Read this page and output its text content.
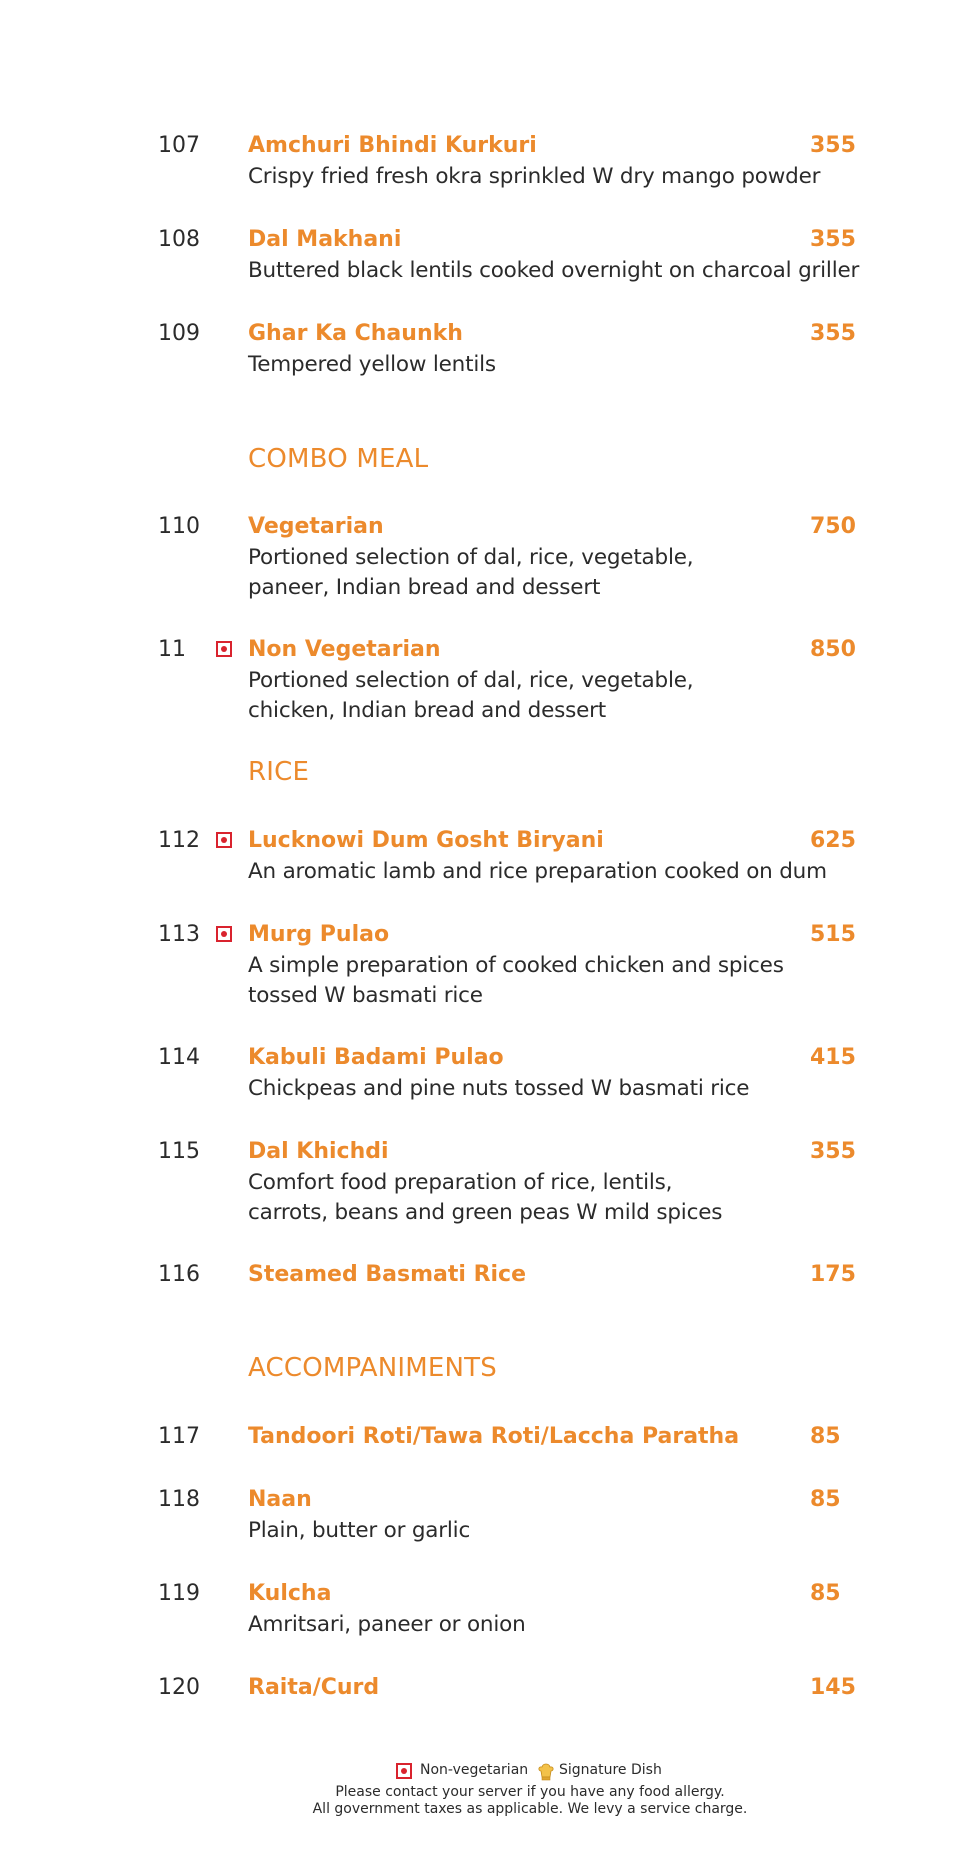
107 Amchuri Bhindi Kurkuri	355
Crispy fried fresh okra sprinkled W dry mango powder
108 Dal Makhani	355
Buttered black lentils cooked overnight on charcoal griller
109 Ghar Ka Chaunkh	355
Tempered yellow lentils
COMBO MEAL
110 Vegetarian	750
Portioned selection of dal, rice, vegetable, paneer, Indian bread and dessert
11	Non Vegetarian	850
Portioned selection of dal, rice, vegetable, chicken, Indian bread and dessert
RICE
112 Lucknowi Dum Gosht Biryani	625
An aromatic lamb and rice preparation cooked on dum
113 Murg Pulao	515
A simple preparation of cooked chicken and spices tossed W basmati rice
114 Kabuli Badami Pulao	415
Chickpeas and pine nuts tossed W basmati rice
115 Dal Khichdi	355
Comfort food preparation of rice, lentils, carrots, beans and green peas W mild spices
116 Steamed Basmati Rice	175
ACCOMPANIMENTS
117 Tandoori Roti/Tawa Roti/Laccha Paratha	85
118 Naan	85
Plain, butter or garlic
119 Kulcha	85
Amritsari, paneer or onion
120 Raita/Curd	145
Non-vegetarian Signature Dish
Please contact your server if you have any food allergy.
All government taxes as applicable. We levy a service charge.
